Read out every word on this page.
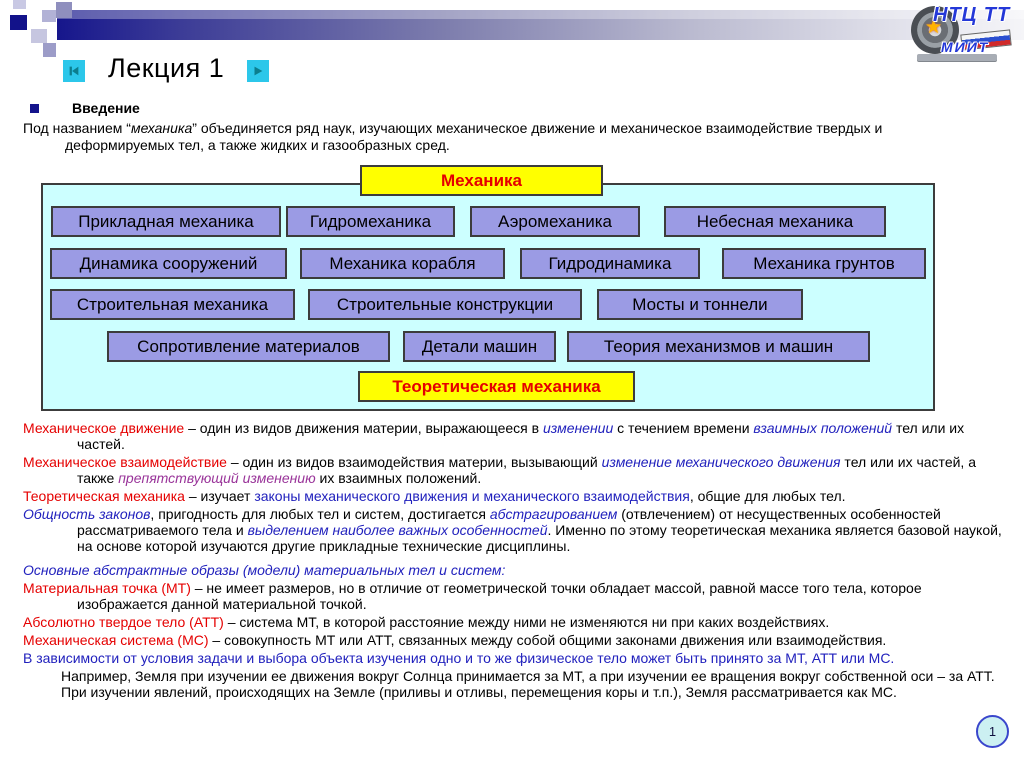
★
НТЦ ТТ
МИИТ
Лекция 1
Введение

Под названием “механика” объединяется ряд наук, изучающих механическое движение и механическое взаимодействие твердых и деформируемых тел, а также жидких и газообразных сред.

Механика
Прикладная механика	Гидромеханика	Аэромеханика	Небесная механика
Динамика сооружений	Механика корабля	Гидродинамика	Механика грунтов
Строительная механика	Строительные конструкции	Мосты и тоннели
Сопротивление материалов	Детали машин	Теория механизмов и машин
Теоретическая механика

Механическое движение – один из видов движения материи, выражающееся в изменении с течением времени взаимных положений тел или их частей.

Механическое взаимодействие – один из видов взаимодействия материи, вызывающий изменение механического движения тел или их частей, а также препятствующий изменению их взаимных положений.

Теоретическая механика – изучает законы механического движения и механического взаимодействия, общие для любых тел.

Общность законов, пригодность для любых тел и систем, достигается абстрагированием (отвлечением) от несущественных особенностей рассматриваемого тела и выделением наиболее важных особенностей. Именно по этому теоретическая механика является базовой наукой, на основе которой изучаются другие прикладные технические дисциплины.

Основные абстрактные образы (модели) материальных тел и систем:

Материальная точка (МТ) – не имеет размеров, но в отличие от геометрической точки обладает массой, равной массе того тела, которое изображается данной материальной точкой.

Абсолютно твердое тело (АТТ) – система МТ, в которой расстояние между ними не изменяются ни при каких воздействиях.

Механическая система (МС) – совокупность МТ или АТТ, связанных между собой общими законами движения или взаимодействия.

В зависимости от условия задачи и выбора объекта изучения одно и то же физическое тело может быть принято за МТ, АТТ или МС.

Например, Земля при изучении ее движения вокруг Солнца принимается за МТ, а при изучении ее вращения вокруг собственной оси – за АТТ. При изучении явлений, происходящих на Земле (приливы и отливы, перемещения коры и т.п.), Земля рассматривается как МС.

1
